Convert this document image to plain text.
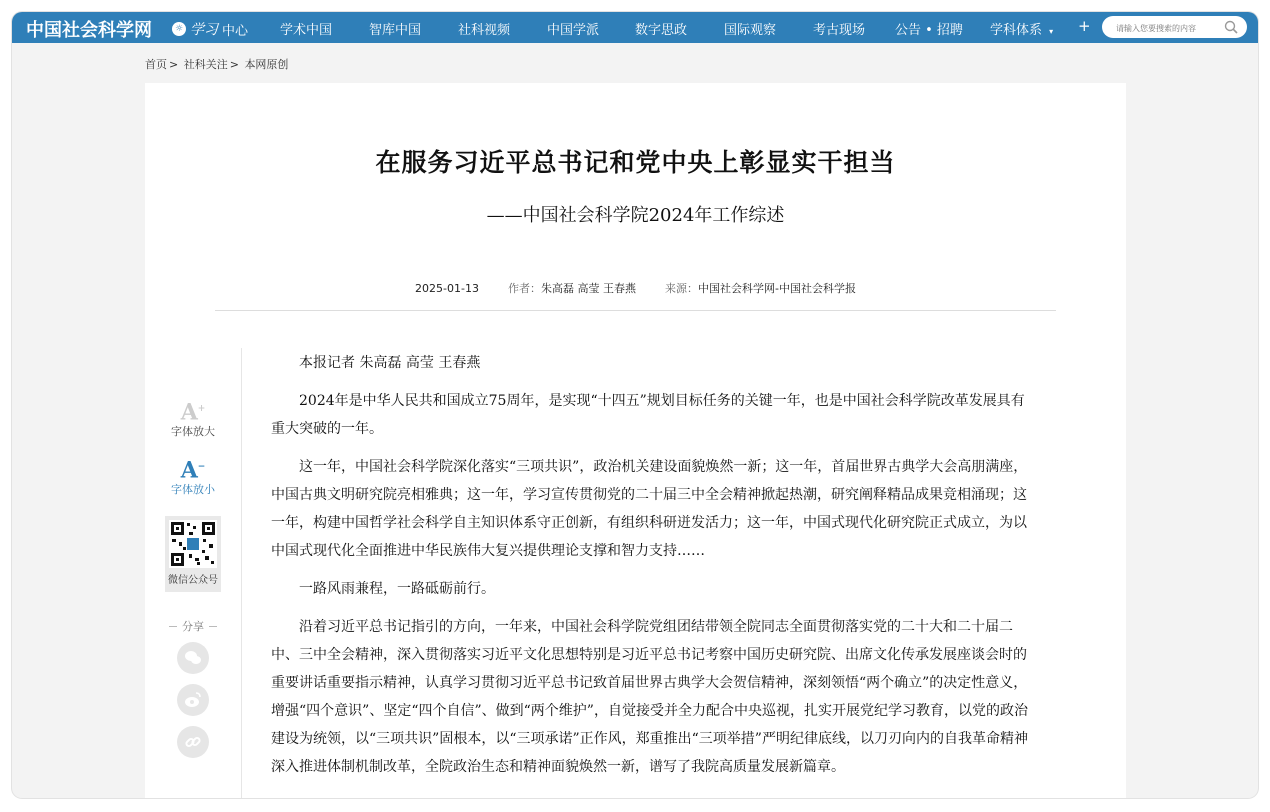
中国社会科学网	☼ 学习 中心 学术中国	智库中国	社科视频	中国学派	数字思政	国际观察	考古现场 公告 • 招聘 学科体系 ▾ +
请输入您要搜索的内容
首页 > 社科关注 > 本网原创
在服务习近平总书记和党中央上彰显实干担当
——中国社会科学院2024年工作综述
2025-01-13	作者：朱高磊 高莹 王春燕	来源：中国社会科学网-中国社会科学报
A+
字体放大
A−
字体放小
微信公众号
分享

本报记者 朱高磊 高莹 王春燕

2024年是中华人民共和国成立75周年，是实现“十四五”规划目标任务的关键一年，也是中国社会科学院改革发展具有重大突破的一年。

这一年，中国社会科学院深化落实“三项共识”，政治机关建设面貌焕然一新；这一年，首届世界古典学大会高朋满座，中国古典文明研究院亮相雅典；这一年，学习宣传贯彻党的二十届三中全会精神掀起热潮，研究阐释精品成果竞相涌现；这一年，构建中国哲学社会科学自主知识体系守正创新，有组织科研迸发活力；这一年，中国式现代化研究院正式成立，为以中国式现代化全面推进中华民族伟大复兴提供理论支撑和智力支持……

一路风雨兼程，一路砥砺前行。

沿着习近平总书记指引的方向，一年来，中国社会科学院党组团结带领全院同志全面贯彻落实党的二十大和二十届二中、三中全会精神，深入贯彻落实习近平文化思想特别是习近平总书记考察中国历史研究院、出席文化传承发展座谈会时的重要讲话重要指示精神，认真学习贯彻习近平总书记致首届世界古典学大会贺信精神，深刻领悟“两个确立”的决定性意义，增强“四个意识”、坚定“四个自信”、做到“两个维护”，自觉接受并全力配合中央巡视，扎实开展党纪学习教育，以党的政治建设为统领，以“三项共识”固根本，以“三项承诺”正作风，郑重推出“三项举措”严明纪律底线，以刀刃向内的自我革命精神深入推进体制机制改革，全院政治生态和精神面貌焕然一新，谱写了我院高质量发展新篇章。
